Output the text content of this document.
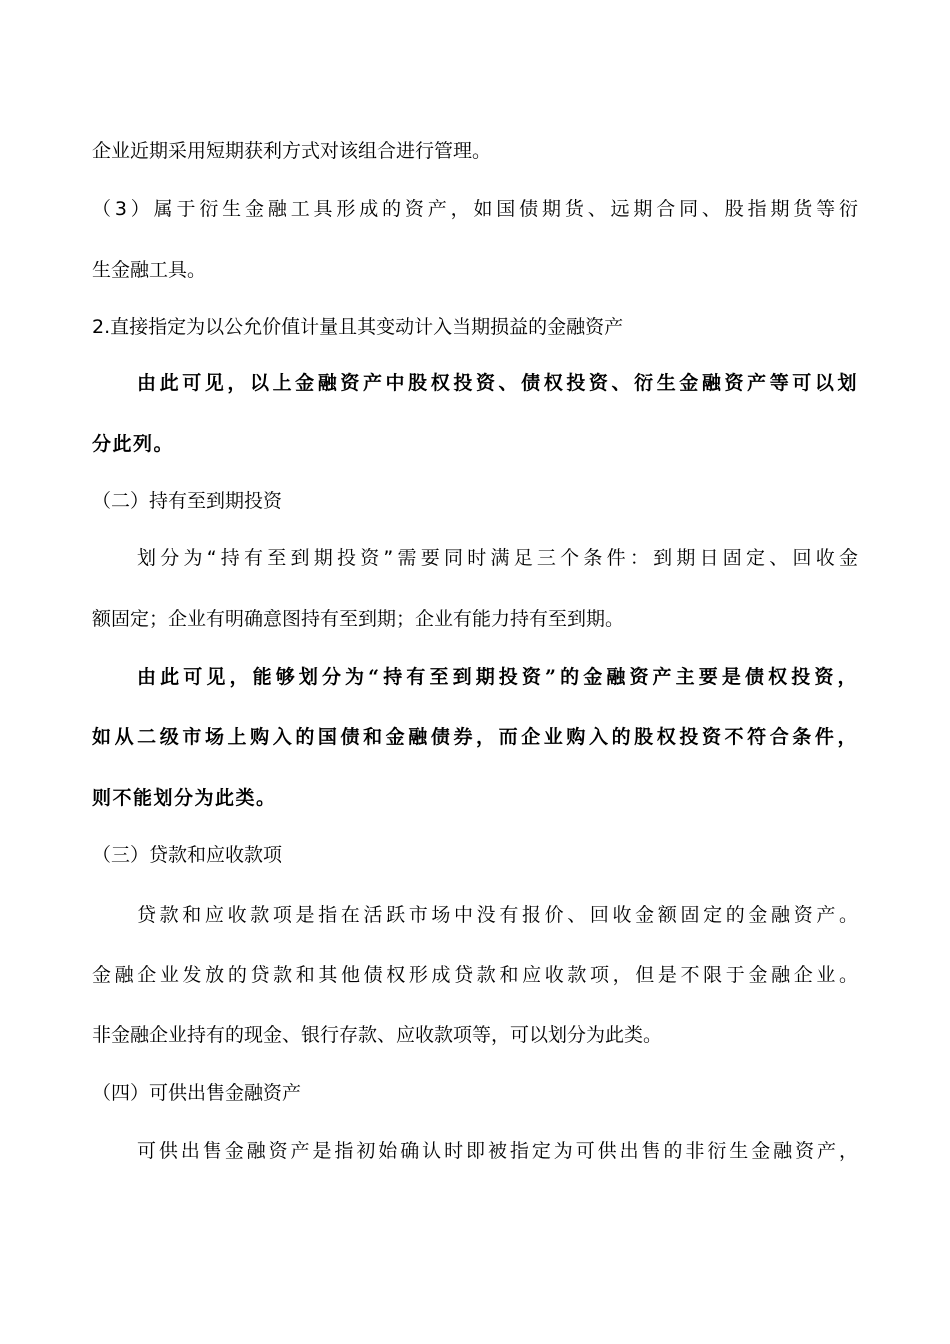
企业近期采用短期获利方式对该组合进行管理。
（3）属于衍生金融工具形成的资产，如国债期货、远期合同、股指期货等衍
生金融工具。
2.直接指定为以公允价值计量且其变动计入当期损益的金融资产
由此可见，以上金融资产中股权投资、债权投资、衍生金融资产等可以划
分此列。
（二）持有至到期投资
划分为“持有至到期投资”需要同时满足三个条件：到期日固定、回收金
额固定；企业有明确意图持有至到期；企业有能力持有至到期。
由此可见，能够划分为“持有至到期投资”的金融资产主要是债权投资，
如从二级市场上购入的国债和金融债券，而企业购入的股权投资不符合条件，
则不能划分为此类。
（三）贷款和应收款项
贷款和应收款项是指在活跃市场中没有报价、回收金额固定的金融资产。
金融企业发放的贷款和其他债权形成贷款和应收款项，但是不限于金融企业。
非金融企业持有的现金、银行存款、应收款项等，可以划分为此类。
（四）可供出售金融资产
可供出售金融资产是指初始确认时即被指定为可供出售的非衍生金融资产，
